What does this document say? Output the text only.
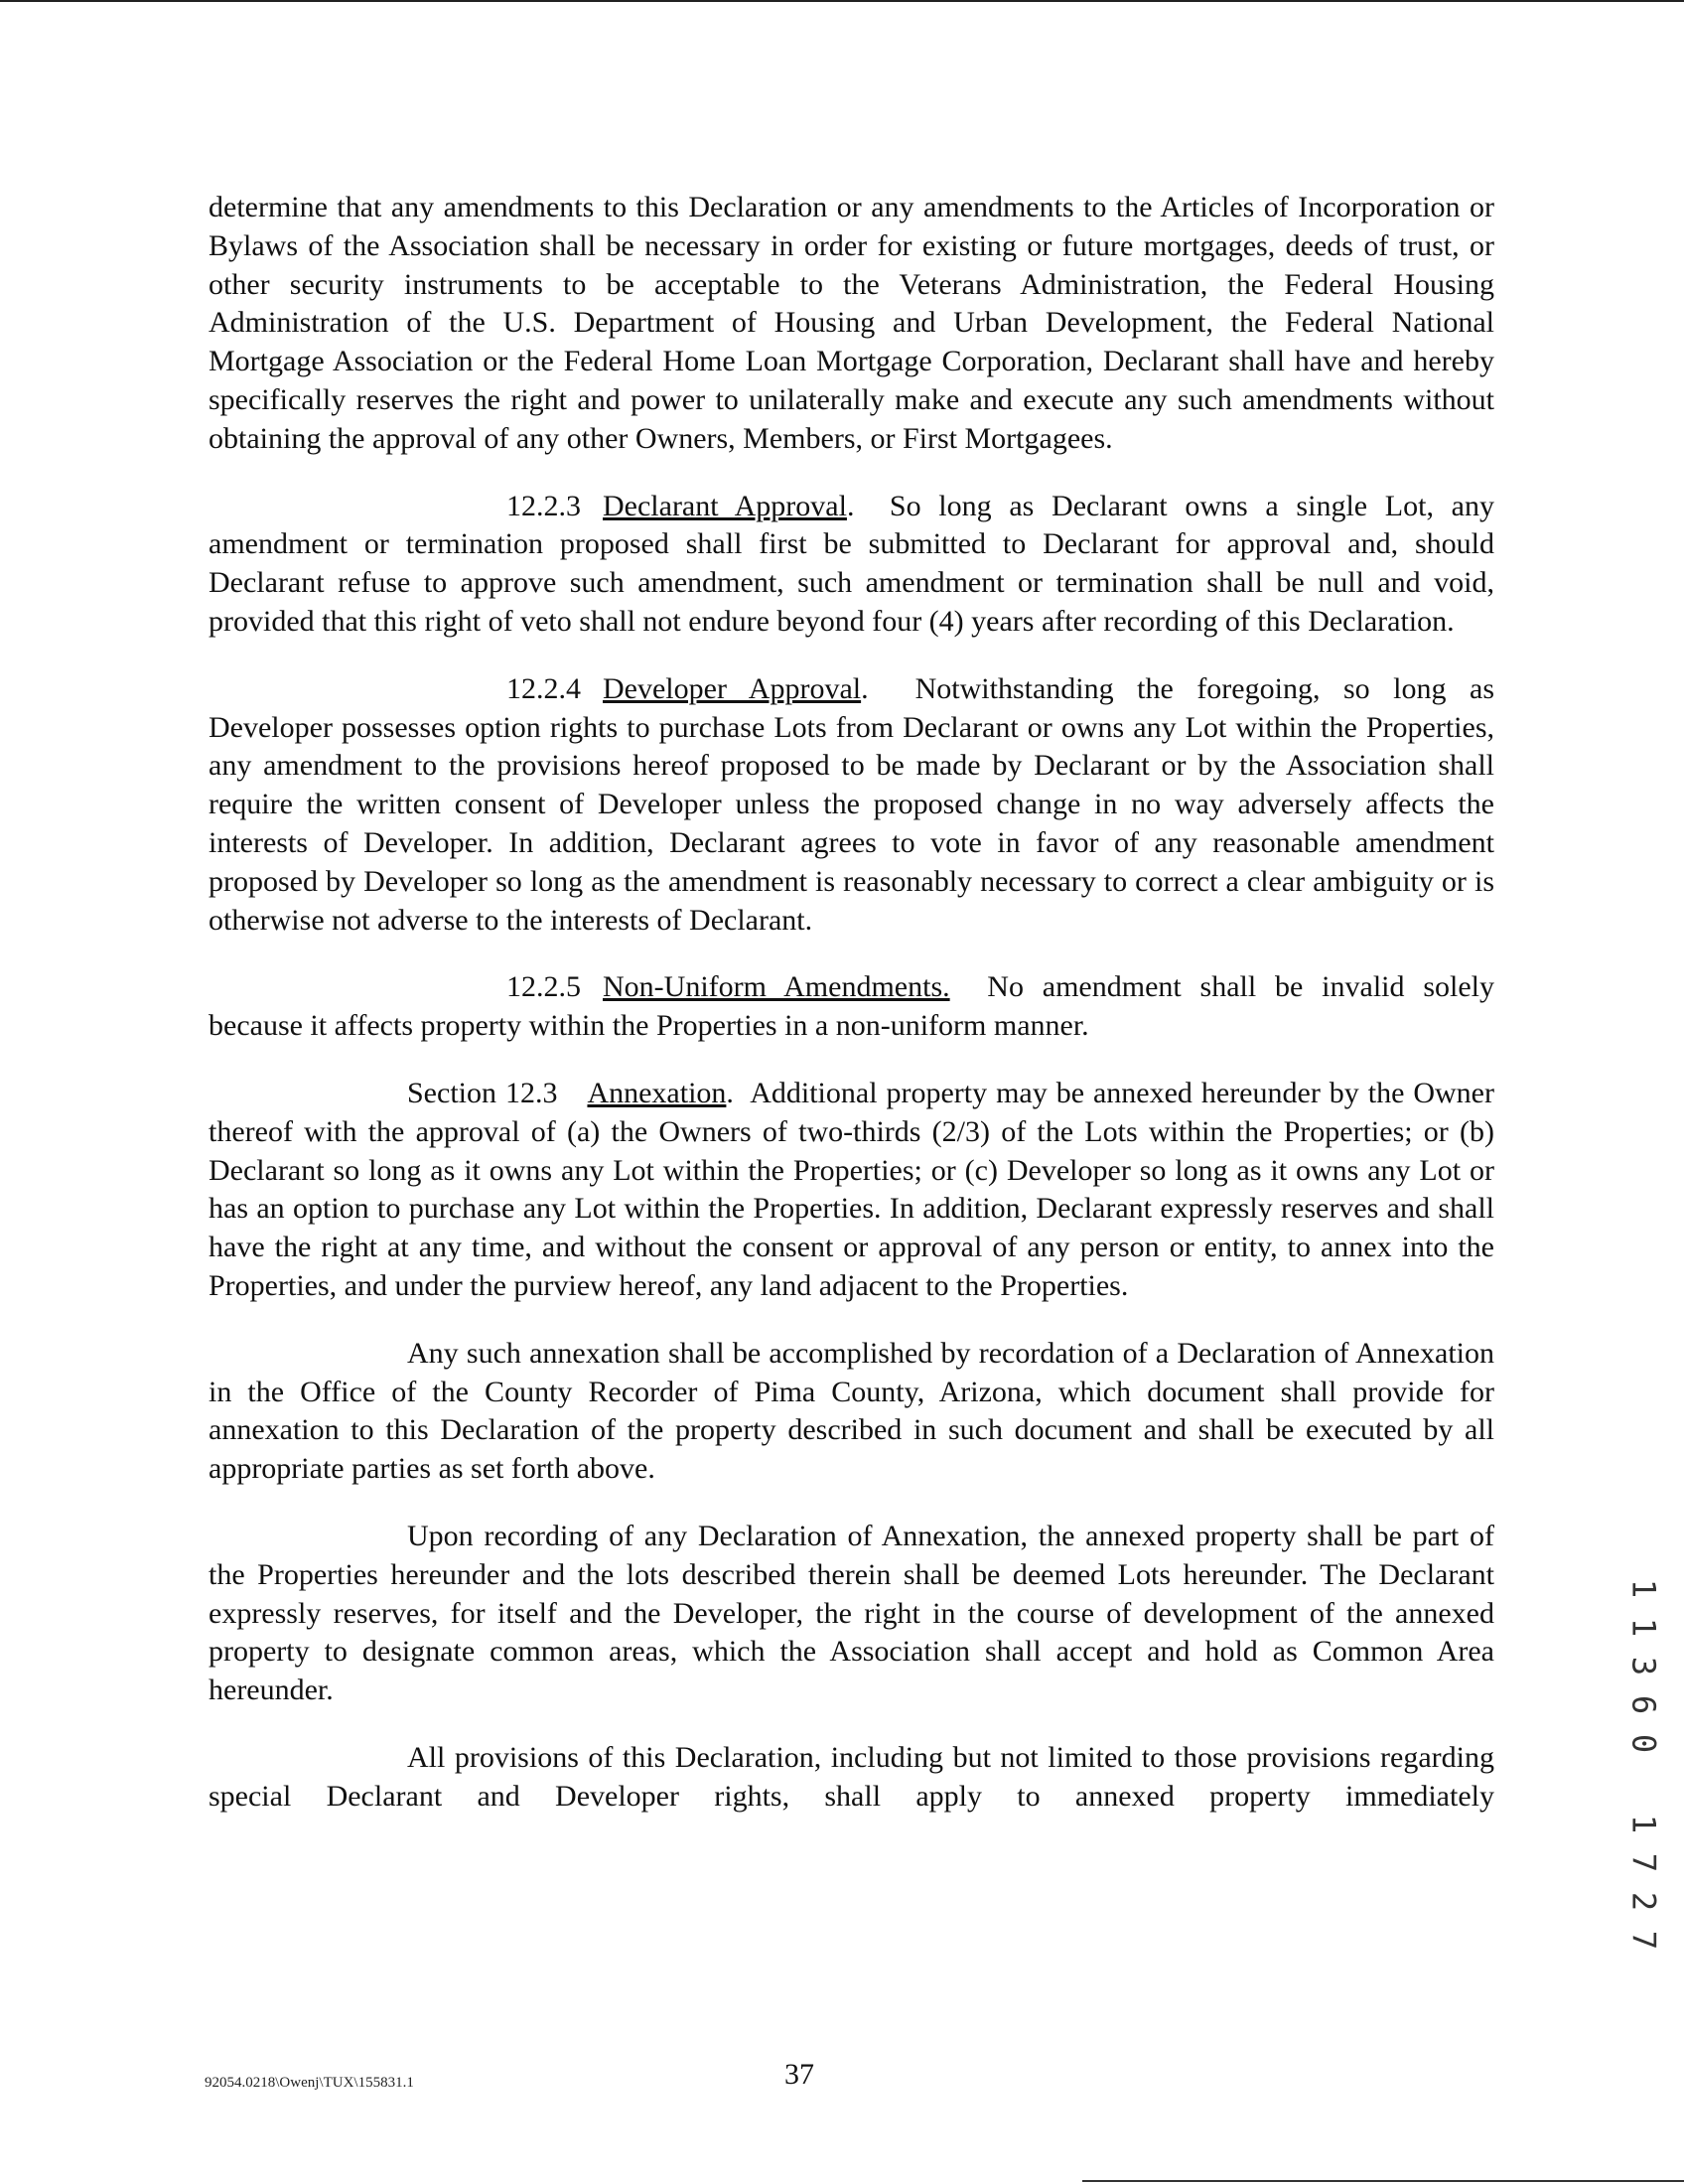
determine that any amendments to this Declaration or any amendments to the Articles of Incorporation or Bylaws of the Association shall be necessary in order for existing or future mortgages, deeds of trust, or other security instruments to be acceptable to the Veterans Administration, the Federal Housing Administration of the U.S. Department of Housing and Urban Development, the Federal National Mortgage Association or the Federal Home Loan Mortgage Corporation, Declarant shall have and hereby specifically reserves the right and power to unilaterally make and execute any such amendments without obtaining the approval of any other Owners, Members, or First Mortgagees.

12.2.3 Declarant Approval.  So long as Declarant owns a single Lot, any amendment or termination proposed shall first be submitted to Declarant for approval and, should Declarant refuse to approve such amendment, such amendment or termination shall be null and void, provided that this right of veto shall not endure beyond four (4) years after recording of this Declaration.

12.2.4 Developer Approval.  Notwithstanding the foregoing, so long as Developer possesses option rights to purchase Lots from Declarant or owns any Lot within the Properties, any amendment to the provisions hereof proposed to be made by Declarant or by the Association shall require the written consent of Developer unless the proposed change in no way adversely affects the interests of Developer. In addition, Declarant agrees to vote in favor of any reasonable amendment proposed by Developer so long as the amendment is reasonably necessary to correct a clear ambiguity or is otherwise not adverse to the interests of Declarant.

12.2.5 Non-Uniform Amendments. No amendment shall be invalid solely because it affects property within the Properties in a non-uniform manner.

Section 12.3 Annexation.  Additional property may be annexed hereunder by the Owner thereof with the approval of (a) the Owners of two-thirds (2/3) of the Lots within the Properties; or (b) Declarant so long as it owns any Lot within the Properties; or (c) Developer so long as it owns any Lot or has an option to purchase any Lot within the Properties. In addition, Declarant expressly reserves and shall have the right at any time, and without the consent or approval of any person or entity, to annex into the Properties, and under the purview hereof, any land adjacent to the Properties.

Any such annexation shall be accomplished by recordation of a Declaration of Annexation in the Office of the County Recorder of Pima County, Arizona, which document shall provide for annexation to this Declaration of the property described in such document and shall be executed by all appropriate parties as set forth above.

Upon recording of any Declaration of Annexation, the annexed property shall be part of the Properties hereunder and the lots described therein shall be deemed Lots hereunder. The Declarant expressly reserves, for itself and the Developer, the right in the course of development of the annexed property to designate common areas, which the Association shall accept and hold as Common Area hereunder.

All provisions of this Declaration, including but not limited to those provisions regarding special Declarant and Developer rights, shall apply to annexed property immediately

1
1
3
6
0
1
7
2
7
92054.0218\Owenj\TUX\155831.1	37
